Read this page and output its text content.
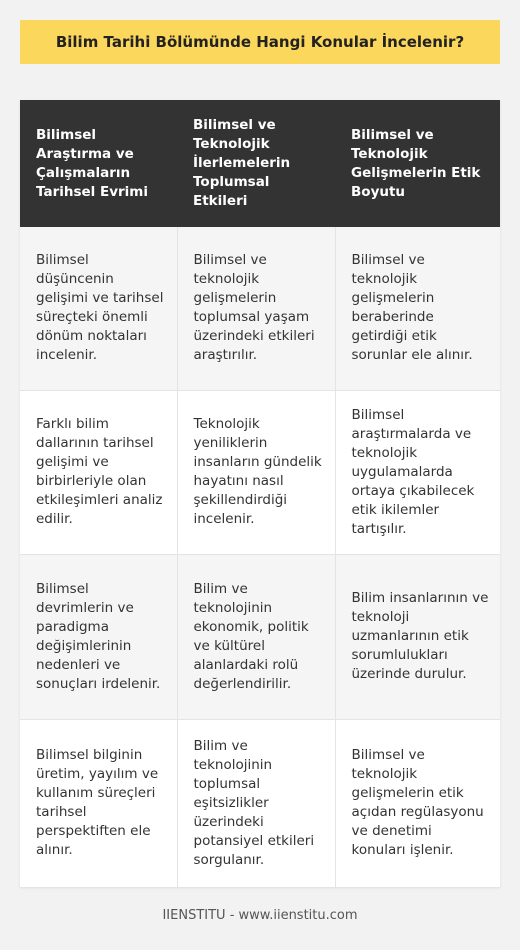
Bilim Tarihi Bölümünde Hangi Konular İncelenir?
Bilimsel Araştırma ve Çalışmaların Tarihsel Evrimi	Bilimsel ve Teknolojik İlerlemelerin Toplumsal Etkileri	Bilimsel ve Teknolojik Gelişmelerin Etik Boyutu
Bilimsel düşüncenin gelişimi ve tarihsel süreçteki önemli dönüm noktaları incelenir.	Bilimsel ve teknolojik gelişmelerin toplumsal yaşam üzerindeki etkileri araştırılır.	Bilimsel ve teknolojik gelişmelerin beraberinde getirdiği etik sorunlar ele alınır.
Farklı bilim dallarının tarihsel gelişimi ve birbirleriyle olan etkileşimleri analiz edilir.	Teknolojik yeniliklerin insanların gündelik hayatını nasıl şekillendirdiği incelenir.	Bilimsel araştırmalarda ve teknolojik uygulamalarda ortaya çıkabilecek etik ikilemler tartışılır.
Bilimsel devrimlerin ve paradigma değişimlerinin nedenleri ve sonuçları irdelenir.	Bilim ve teknolojinin ekonomik, politik ve kültürel alanlardaki rolü değerlendirilir.	Bilim insanlarının ve teknoloji uzmanlarının etik sorumlulukları üzerinde durulur.
Bilimsel bilginin üretim, yayılım ve kullanım süreçleri tarihsel perspektiften ele alınır.	Bilim ve teknolojinin toplumsal eşitsizlikler üzerindeki potansiyel etkileri sorgulanır.	Bilimsel ve teknolojik gelişmelerin etik açıdan regülasyonu ve denetimi konuları işlenir.
IIENSTITU - www.iienstitu.com
